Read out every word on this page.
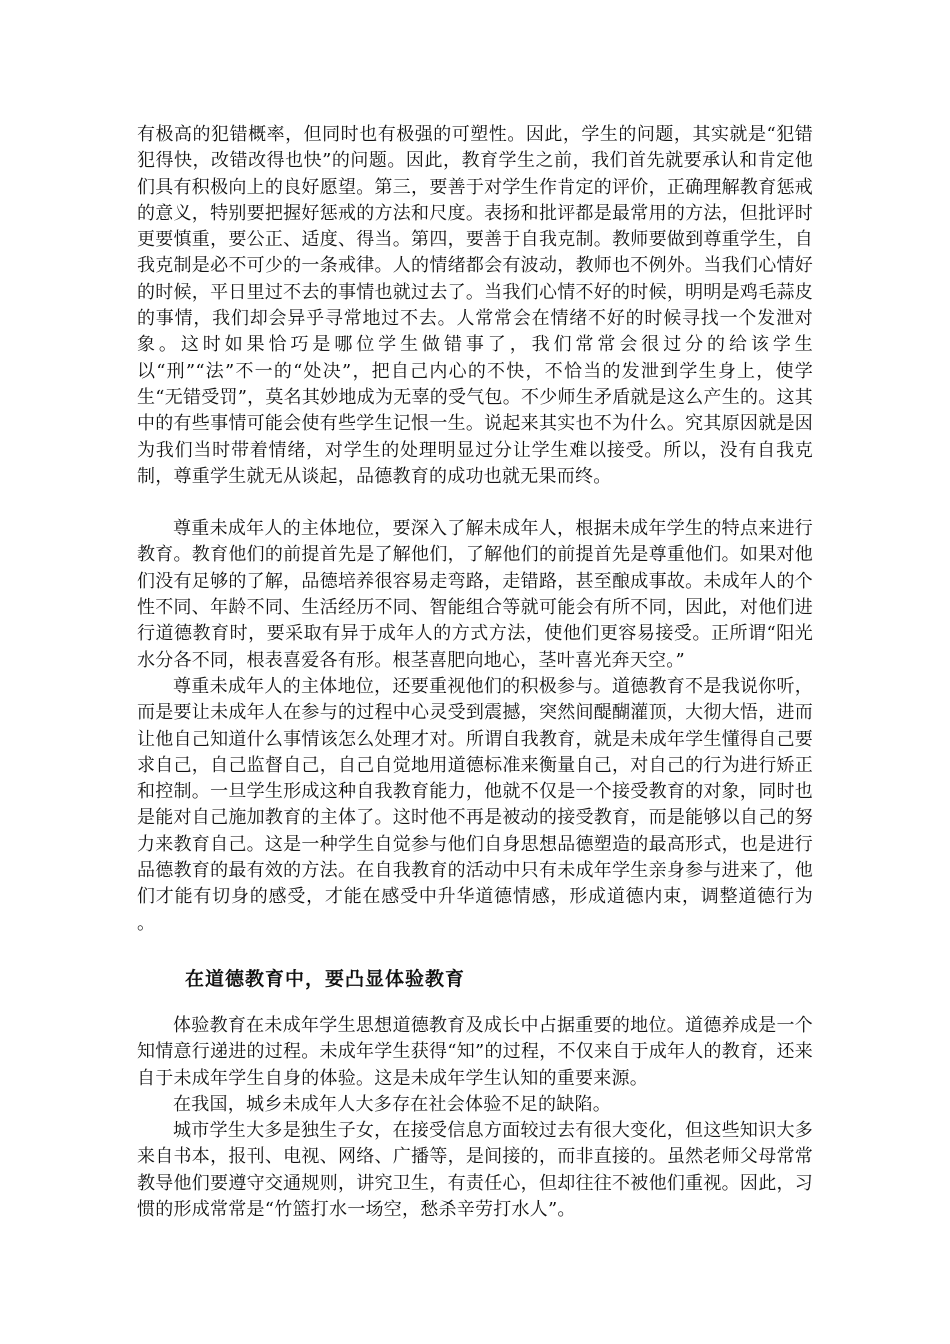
有极高的犯错概率，但同时也有极强的可塑性。因此，学生的问题，其实就是“犯错犯得快，改错改得也快”的问题。因此，教育学生之前，我们首先就要承认和肯定他们具有积极向上的良好愿望。第三，要善于对学生作肯定的评价，正确理解教育惩戒的意义，特别要把握好惩戒的方法和尺度。表扬和批评都是最常用的方法，但批评时更要慎重，要公正、适度、得当。第四，要善于自我克制。教师要做到尊重学生，自我克制是必不可少的一条戒律。人的情绪都会有波动，教师也不例外。当我们心情好的时候，平日里过不去的事情也就过去了。当我们心情不好的时候，明明是鸡毛蒜皮的事情，我们却会异乎寻常地过不去。人常常会在情绪不好的时候寻找一个发泄对象。这时如果恰巧是哪位学生做错事了，我们常常会很过分的给该学生以“刑”“法”不一的“处决”，把自己内心的不快，不恰当的发泄到学生身上，使学生“无错受罚”，莫名其妙地成为无辜的受气包。不少师生矛盾就是这么产生的。这其中的有些事情可能会使有些学生记恨一生。说起来其实也不为什么。究其原因就是因为我们当时带着情绪，对学生的处理明显过分让学生难以接受。所以，没有自我克制，尊重学生就无从谈起，品德教育的成功也就无果而终。

尊重未成年人的主体地位，要深入了解未成年人，根据未成年学生的特点来进行教育。教育他们的前提首先是了解他们，了解他们的前提首先是尊重他们。如果对他们没有足够的了解，品德培养很容易走弯路，走错路，甚至酿成事故。未成年人的个性不同、年龄不同、生活经历不同、智能组合等就可能会有所不同，因此，对他们进行道德教育时，要采取有异于成年人的方式方法，使他们更容易接受。正所谓“阳光水分各不同，根表喜爱各有形。根茎喜肥向地心，茎叶喜光奔天空。”

尊重未成年人的主体地位，还要重视他们的积极参与。道德教育不是我说你听，而是要让未成年人在参与的过程中心灵受到震撼，突然间醍醐灌顶，大彻大悟，进而让他自己知道什么事情该怎么处理才对。所谓自我教育，就是未成年学生懂得自己要求自己，自己监督自己，自己自觉地用道德标准来衡量自己，对自己的行为进行矫正和控制。一旦学生形成这种自我教育能力，他就不仅是一个接受教育的对象，同时也是能对自己施加教育的主体了。这时他不再是被动的接受教育，而是能够以自己的努力来教育自己。这是一种学生自觉参与他们自身思想品德塑造的最高形式，也是进行品德教育的最有效的方法。在自我教育的活动中只有未成年学生亲身参与进来了，他们才能有切身的感受，才能在感受中升华道德情感，形成道德内束，调整道德行为 。

在道德教育中，要凸显体验教育

体验教育在未成年学生思想道德教育及成长中占据重要的地位。道德养成是一个知情意行递进的过程。未成年学生获得“知”的过程，不仅来自于成年人的教育，还来自于未成年学生自身的体验。这是未成年学生认知的重要来源。

在我国，城乡未成年人大多存在社会体验不足的缺陷。

城市学生大多是独生子女，在接受信息方面较过去有很大变化，但这些知识大多来自书本，报刊、电视、网络、广播等，是间接的，而非直接的。虽然老师父母常常教导他们要遵守交通规则，讲究卫生，有责任心，但却往往不被他们重视。因此，习惯的形成常常是“竹篮打水一场空，愁杀辛劳打水人”。
